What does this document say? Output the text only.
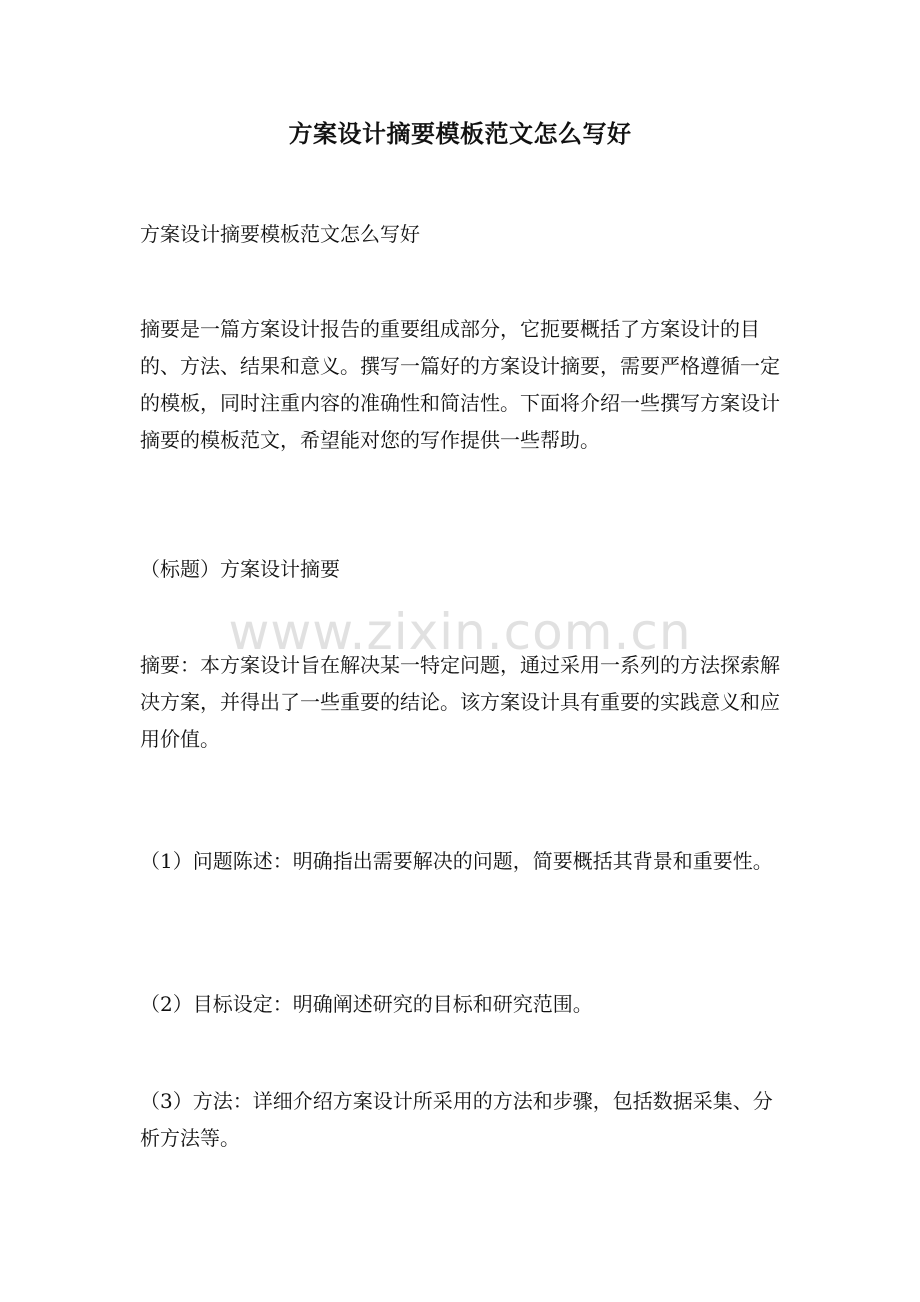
方案设计摘要模板范文怎么写好

方案设计摘要模板范文怎么写好

摘要是一篇方案设计报告的重要组成部分，它扼要概括了方案设计的目的、方法、结果和意义。撰写一篇好的方案设计摘要，需要严格遵循一定的模板，同时注重内容的准确性和简洁性。下面将介绍一些撰写方案设计摘要的模板范文，希望能对您的写作提供一些帮助。

（标题）方案设计摘要

www.zixin.com.cn

摘要：本方案设计旨在解决某一特定问题，通过采用一系列的方法探索解决方案，并得出了一些重要的结论。该方案设计具有重要的实践意义和应用价值。

（1）问题陈述：明确指出需要解决的问题，简要概括其背景和重要性。

（2）目标设定：明确阐述研究的目标和研究范围。

（3）方法：详细介绍方案设计所采用的方法和步骤，包括数据采集、分析方法等。
